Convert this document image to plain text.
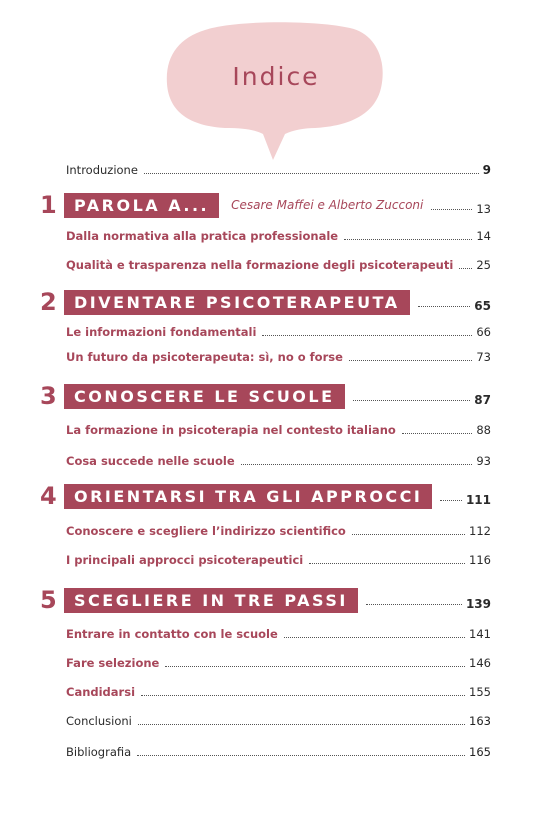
Indice
Introduzione	9
1	PAROLA A...	Cesare Maffei e Alberto Zucconi	13
Dalla normativa alla pratica professionale	14
Qualità e trasparenza nella formazione degli psicoterapeuti 25
2	DIVENTARE PSICOTERAPEUTA	65
Le informazioni fondamentali	66
Un futuro da psicoterapeuta: sì, no o forse	73
3	CONOSCERE LE SCUOLE	87
La formazione in psicoterapia nel contesto italiano	88
Cosa succede nelle scuole	93
4	ORIENTARSI TRA GLI APPROCCI	111
Conoscere e scegliere l’indirizzo scientifico	112
I principali approcci psicoterapeutici	116
5	SCEGLIERE IN TRE PASSI	139
Entrare in contatto con le scuole	141
Fare selezione	146
Candidarsi	155
Conclusioni	163
Bibliografia	165
